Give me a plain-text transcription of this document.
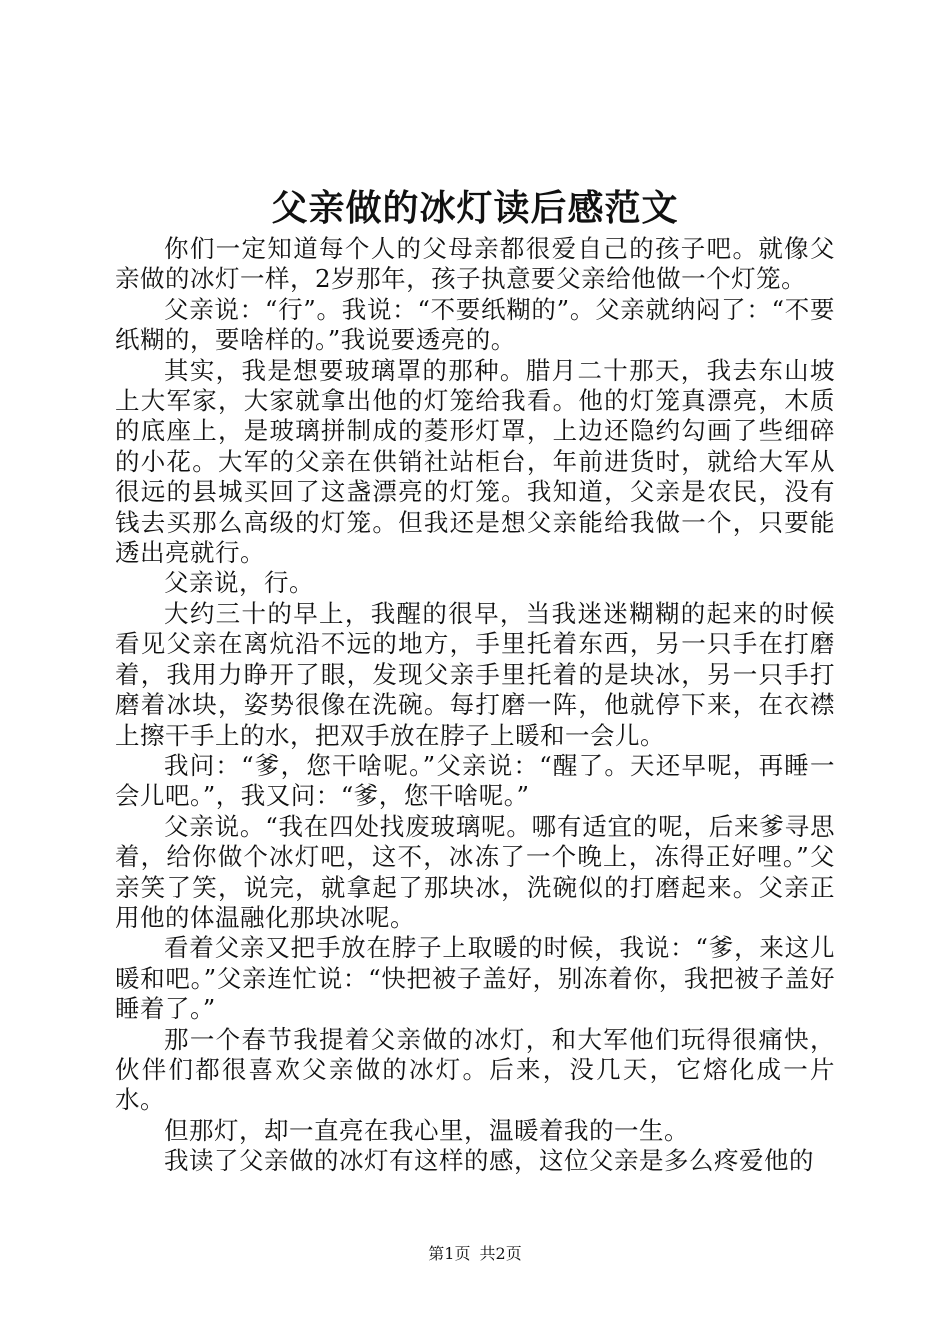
父亲做的冰灯读后感范文

你们一定知道每个人的父母亲都很爱自己的孩子吧。就像父亲做的冰灯一样，2岁那年，孩子执意要父亲给他做一个灯笼。

父亲说：“行”。我说：“不要纸糊的”。父亲就纳闷了：“不要纸糊的，要啥样的。”我说要透亮的。

其实，我是想要玻璃罩的那种。腊月二十那天，我去东山坡上大军家，大家就拿出他的灯笼给我看。他的灯笼真漂亮，木质的底座上，是玻璃拼制成的菱形灯罩，上边还隐约勾画了些细碎的小花。大军的父亲在供销社站柜台，年前进货时，就给大军从很远的县城买回了这盏漂亮的灯笼。我知道，父亲是农民，没有钱去买那么高级的灯笼。但我还是想父亲能给我做一个，只要能透出亮就行。

父亲说，行。

大约三十的早上，我醒的很早，当我迷迷糊糊的起来的时候看见父亲在离炕沿不远的地方，手里托着东西，另一只手在打磨着，我用力睁开了眼，发现父亲手里托着的是块冰，另一只手打磨着冰块，姿势很像在洗碗。每打磨一阵，他就停下来，在衣襟上擦干手上的水，把双手放在脖子上暖和一会儿。

我问：“爹，您干啥呢。”父亲说：“醒了。天还早呢，再睡一会儿吧。”，我又问：“爹，您干啥呢。”

父亲说。“我在四处找废玻璃呢。哪有适宜的呢，后来爹寻思着，给你做个冰灯吧，这不，冰冻了一个晚上，冻得正好哩。”父亲笑了笑，说完，就拿起了那块冰，洗碗似的打磨起来。父亲正用他的体温融化那块冰呢。

看着父亲又把手放在脖子上取暖的时候，我说：“爹，来这儿暖和吧。”父亲连忙说：“快把被子盖好，别冻着你，我把被子盖好睡着了。”

那一个春节我提着父亲做的冰灯，和大军他们玩得很痛快，伙伴们都很喜欢父亲做的冰灯。后来，没几天，它熔化成一片水。

但那灯，却一直亮在我心里，温暖着我的一生。

我读了父亲做的冰灯有这样的感，这位父亲是多么疼爱他的

第1页 共2页
